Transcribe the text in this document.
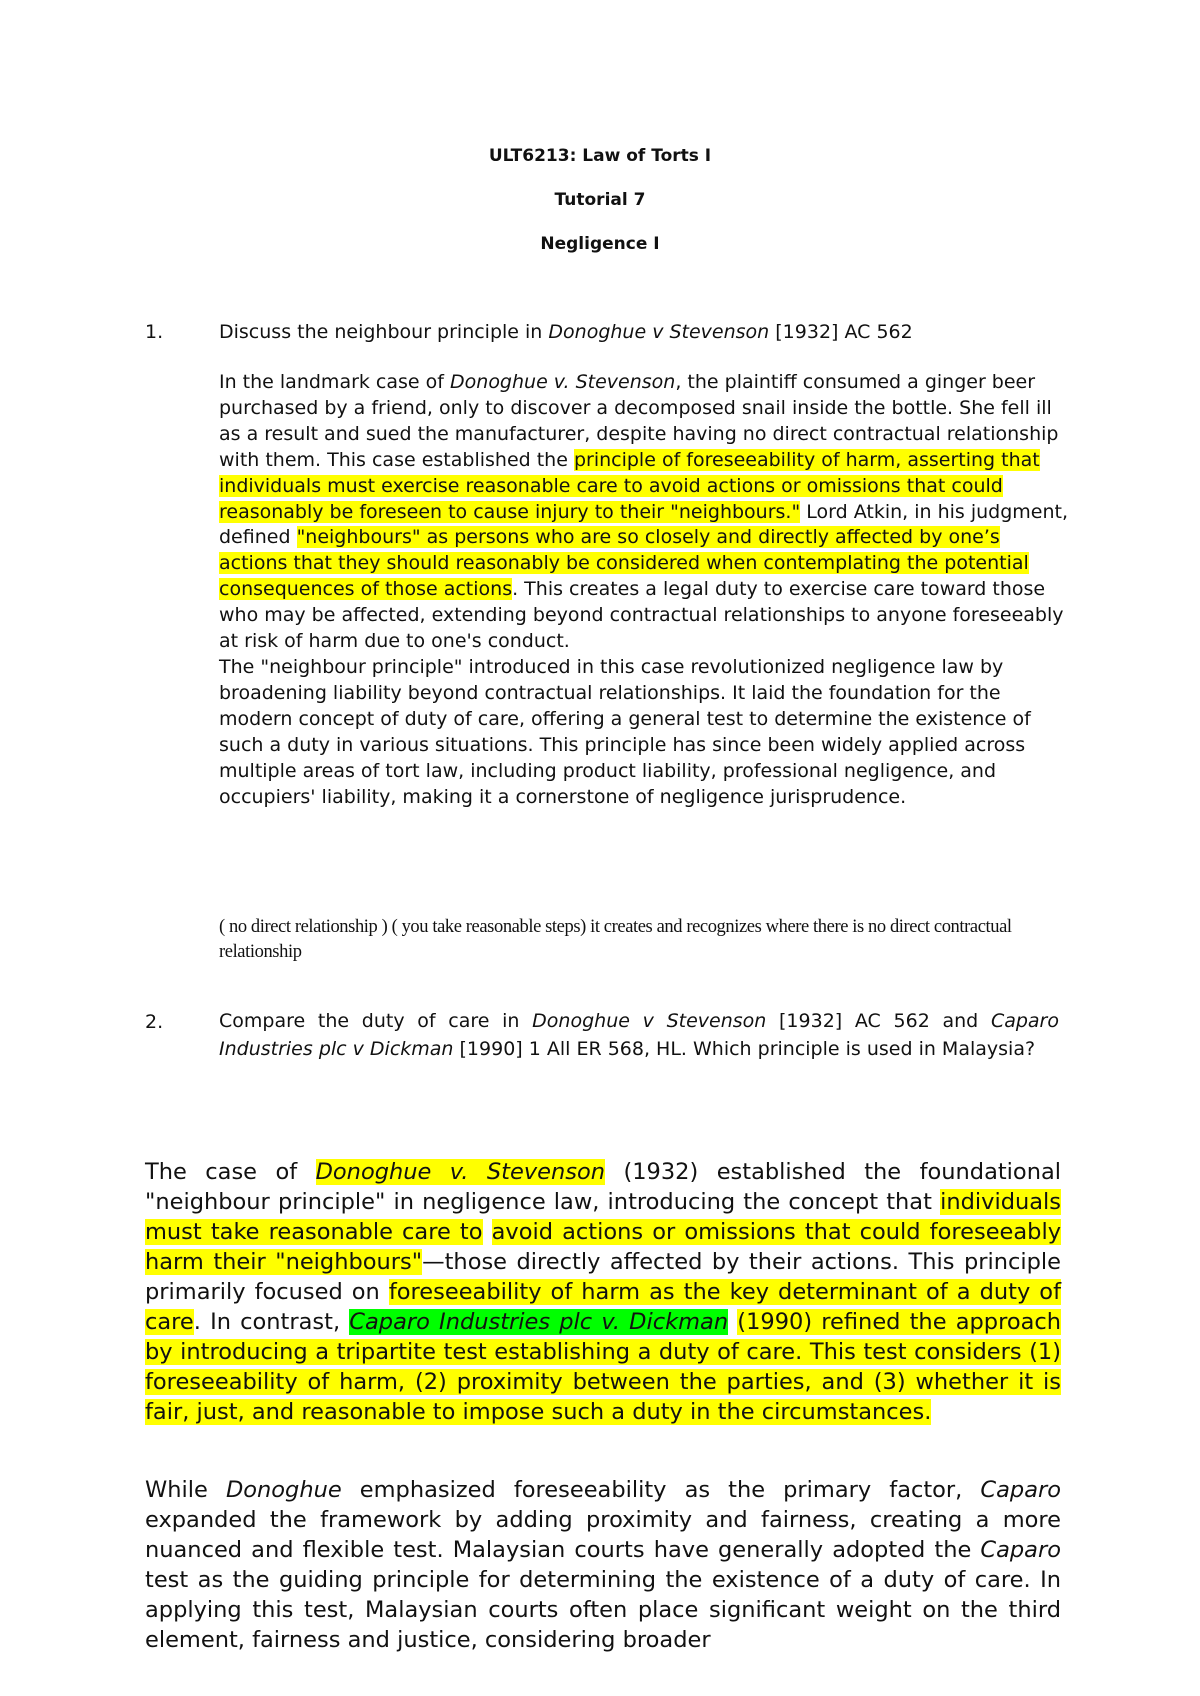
ULT6213: Law of Torts I
Tutorial 7
Negligence I
1.	Discuss the neighbour principle in Donoghue v Stevenson [1932] AC 562
In the landmark case of Donoghue v. Stevenson, the plaintiff consumed a ginger beer purchased by a friend, only to discover a decomposed snail inside the bottle. She fell ill as a result and sued the manufacturer, despite having no direct contractual relationship with them. This case established the principle of foreseeability of harm, asserting that individuals must exercise reasonable care to avoid actions or omissions that could reasonably be foreseen to cause injury to their "neighbours." Lord Atkin, in his judgment, defined "neighbours" as persons who are so closely and directly affected by one’s actions that they should reasonably be considered when contemplating the potential consequences of those actions. This creates a legal duty to exercise care toward those who may be affected, extending beyond contractual relationships to anyone foreseeably at risk of harm due to one's conduct.
The "neighbour principle" introduced in this case revolutionized negligence law by broadening liability beyond contractual relationships. It laid the foundation for the modern concept of duty of care, offering a general test to determine the existence of such a duty in various situations. This principle has since been widely applied across multiple areas of tort law, including product liability, professional negligence, and occupiers' liability, making it a cornerstone of negligence jurisprudence.
( no direct relationship ) ( you take reasonable steps) it creates and recognizes where there is no direct contractual relationship
2.	Compare the duty of care in Donoghue v Stevenson [1932] AC 562 and Caparo Industries plc v Dickman [1990] 1 All ER 568, HL. Which principle is used in Malaysia?
The case of Donoghue v. Stevenson (1932) established the foundational "neighbour principle" in negligence law, introducing the concept that individuals must take reasonable care to avoid actions or omissions that could foreseeably harm their "neighbours"—those directly affected by their actions. This principle primarily focused on foreseeability of harm as the key determinant of a duty of care. In contrast, Caparo Industries plc v. Dickman (1990) refined the approach by introducing a tripartite test establishing a duty of care. This test considers (1) foreseeability of harm, (2) proximity between the parties, and (3) whether it is fair, just, and reasonable to impose such a duty in the circumstances.
While Donoghue emphasized foreseeability as the primary factor, Caparo expanded the framework by adding proximity and fairness, creating a more nuanced and flexible test. Malaysian courts have generally adopted the Caparo test as the guiding principle for determining the existence of a duty of care. In applying this test, Malaysian courts often place significant weight on the third element, fairness and justice, considering broader
